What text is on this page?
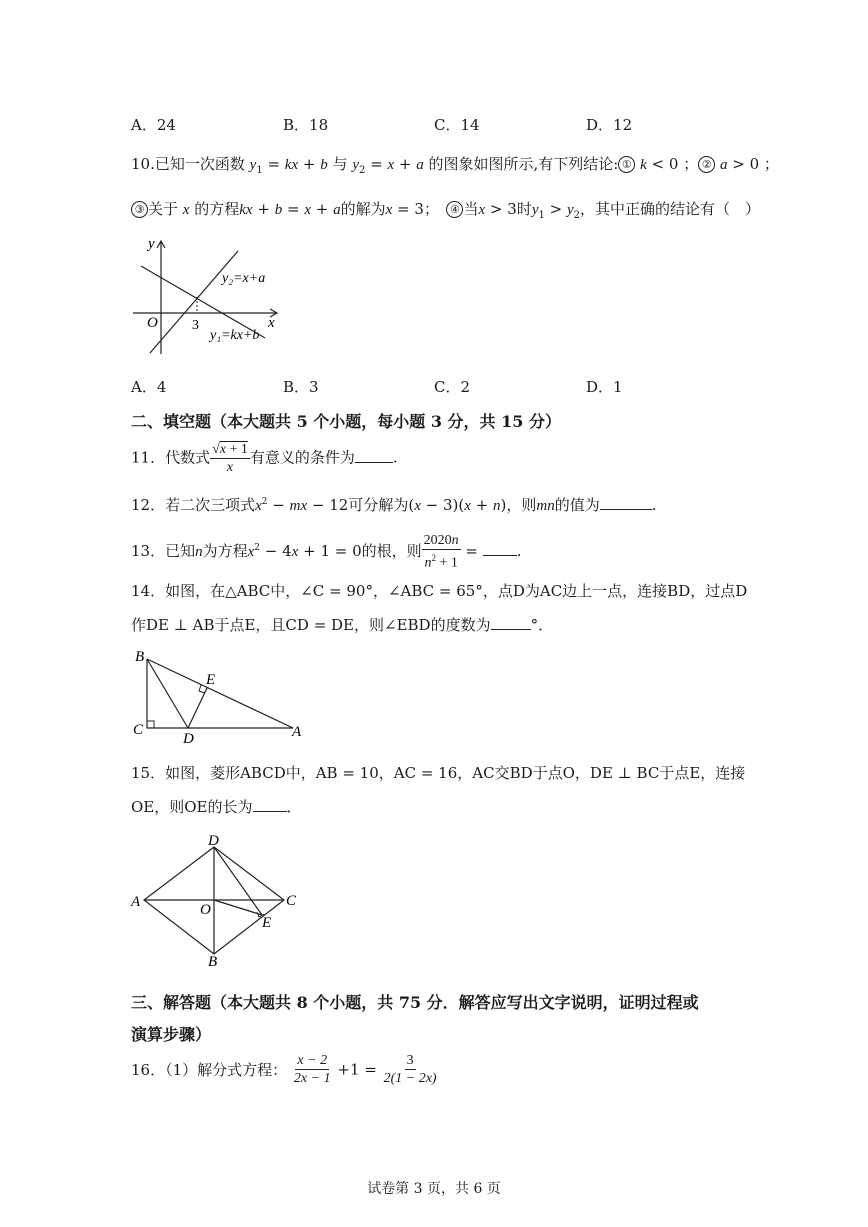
A．24	B．18	C．14	D．12
10.已知一次函数 $y_1$ = kx + b 与 $y_2 = x + a$ 的图象如图所示,有下列结论: ① k < 0 ； ② a > 0 ；
③ 关于 x 的方程kx + b = x + a的解为x = 3；　 ④ 当x > 3时$y_1 > y_2$，其中正确的结论有（　）
y
x
O 3
y₂=x+a
y₁=kx+b
A．4	B．3	C．2	D．1
二、填空题（本大题共 5 个小题，每小题 3 分，共 15 分）
11．代数式 $\frac{√x + 1}{x}$ 有意义的条件为	.
12．若二次三项式$x^2$ − mx − 12可分解为(x − 3)(x + n)，则mn的值为	.
13．已知n为方程$x^2 - 4x + 1 = 0$的根，则 $\frac{2020n}{n^2 + 1}$ = .
14．如图，在△ABC中，∠C = 90°，∠ABC = 65°，点D为AC边上一点，连接BD，过点D
作DE ⊥ AB于点E，且CD = DE，则∠EBD的度数为	°．
B
E
C
D	A
15．如图，菱形ABCD中，AB = 10，AC = 16，AC交BD于点O，DE ⊥ BC于点E，连接
OE，则OE的长为 ．
D
A	O
C
E
B
三、解答题（本大题共 8 个小题，共 75 分．解答应写出文字说明，证明过程或
演算步骤）
16．（1）解分式方程： $\frac{x - 2}{2x - 1} +1 = \frac{3}{2(1 - 2x)}$
试卷第 3 页，共 6 页
